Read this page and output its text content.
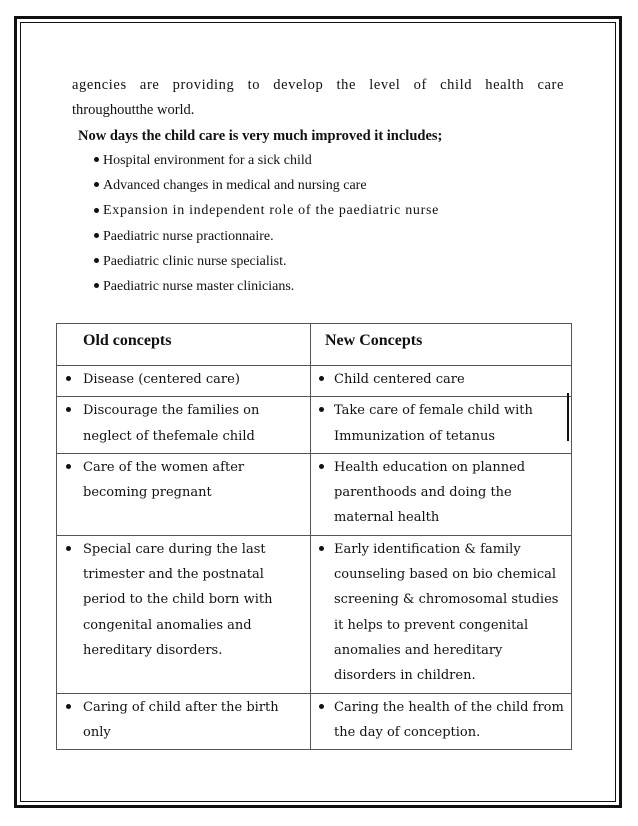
agencies are providing to develop the level of child health care
throughoutthe world.
Now days the child care is very much improved it includes;
Hospital environment for a sick child
Advanced changes in medical and nursing care
Expansion in independent role of the paediatric nurse
Paediatric nurse practionnaire.
Paediatric clinic nurse specialist.
Paediatric nurse master clinicians.
Old concepts	New Concepts

Disease (centered care)	Child centered care

Discourage the families on neglect of thefemale child	Take care of female child with Immunization of tetanus

Care of the women after becoming pregnant	Health education on planned parenthoods and doing the maternal health

Special care during the last trimester and the postnatal period to the child born with congenital anomalies and hereditary disorders.	Early identification & family counseling based on bio chemical screening & chromosomal studies it helps to prevent congenital anomalies and hereditary disorders in children.

Caring of child after the birth only	Caring the health of the child from the day of conception.
